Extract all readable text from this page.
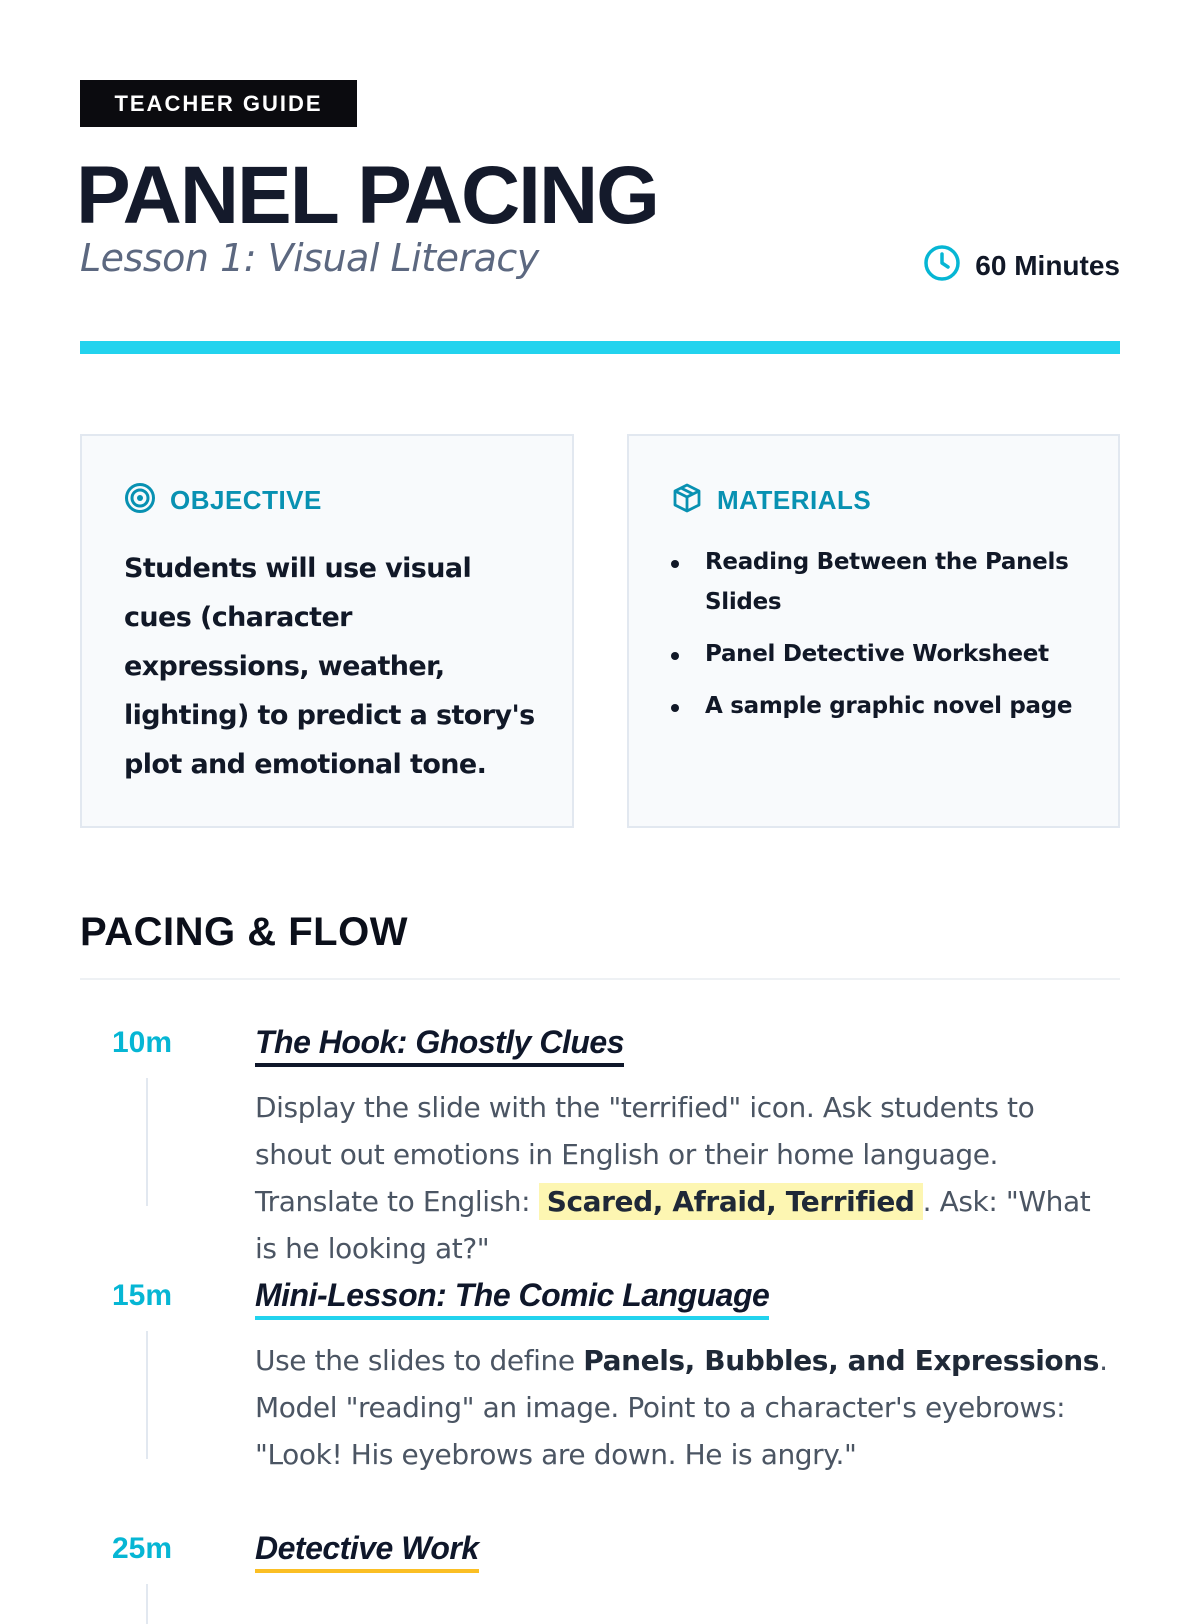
TEACHER GUIDE
PANEL PACING
Lesson 1: Visual Literacy	60 Minutes
OBJECTIVE
Students will use visual cues (character expressions, weather, lighting) to predict a story's plot and emotional tone.
MATERIALS
Reading Between the Panels Slides
Panel Detective Worksheet
A sample graphic novel page
PACING & FLOW
10m	The Hook: Ghostly Clues
Display the slide with the "terrified" icon. Ask students to shout out emotions in English or their home language. Translate to English: Scared, Afraid, Terrified . Ask: "What is he looking at?"
15m	Mini-Lesson: The Comic Language
Use the slides to define Panels, Bubbles, and Expressions. Model "reading" an image. Point to a character's eyebrows: "Look! His eyebrows are down. He is angry."
25m	Detective Work
